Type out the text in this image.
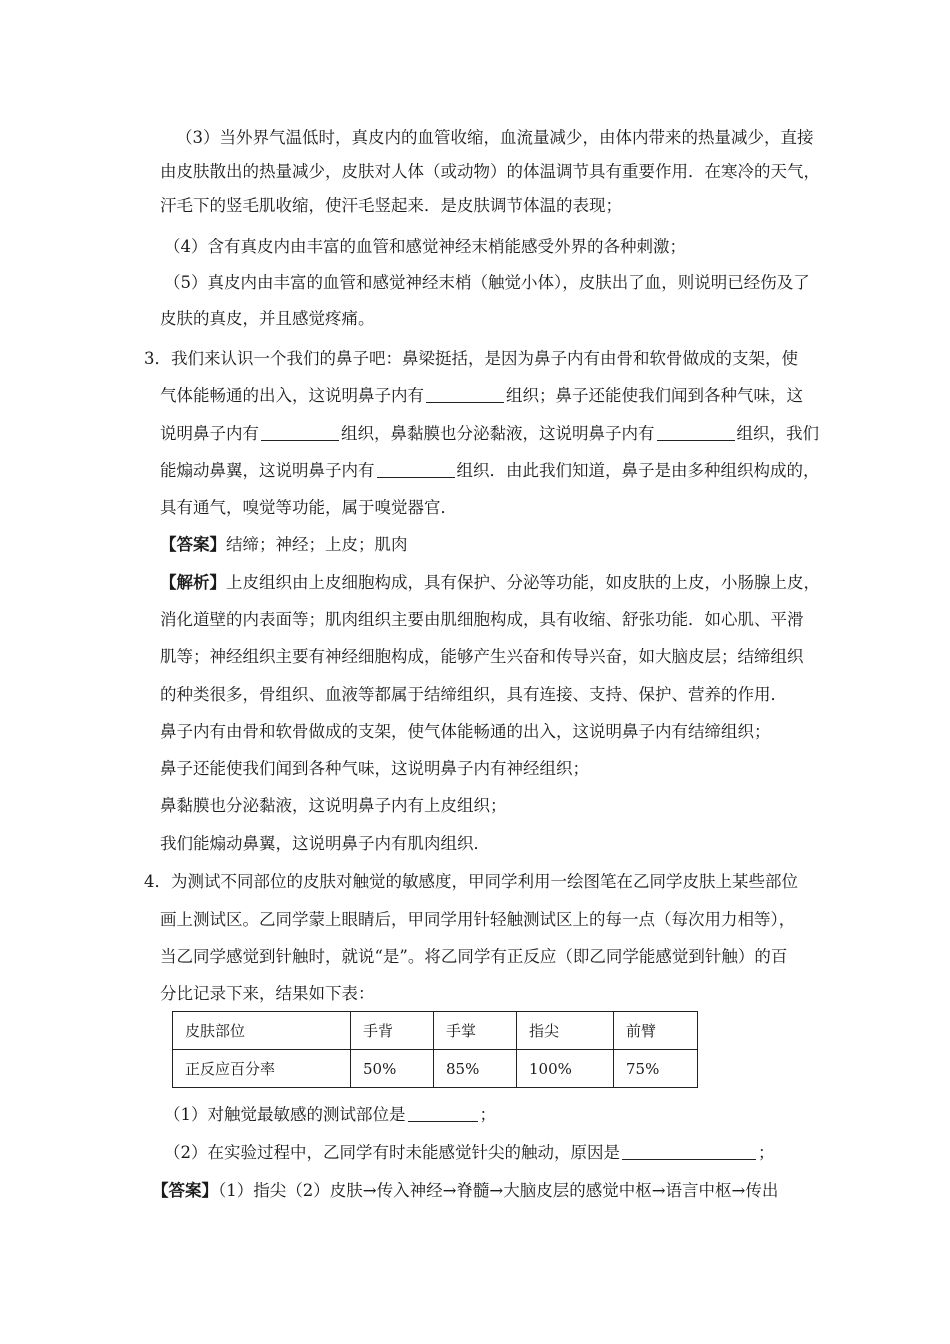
（3）当外界气温低时，真皮内的血管收缩，血流量减少，由体内带来的热量减少，直接
由皮肤散出的热量减少，皮肤对人体（或动物）的体温调节具有重要作用．在寒冷的天气，
汗毛下的竖毛肌收缩，使汗毛竖起来．是皮肤调节体温的表现；
（4）含有真皮内由丰富的血管和感觉神经末梢能感受外界的各种刺激；
（5）真皮内由丰富的血管和感觉神经末梢（触觉小体），皮肤出了血，则说明已经伤及了
皮肤的真皮，并且感觉疼痛。
3．我们来认识一个我们的鼻子吧：鼻梁挺括，是因为鼻子内有由骨和软骨做成的支架，使
气体能畅通的出入，这说明鼻子内有	组织；鼻子还能使我们闻到各种气味，这
说明鼻子内有	组织，鼻黏膜也分泌黏液，这说明鼻子内有	组织，我们
能煽动鼻翼，这说明鼻子内有	组织．由此我们知道，鼻子是由多种组织构成的，
具有通气，嗅觉等功能，属于嗅觉器官．
【答案】结缔；神经；上皮；肌肉
【解析】上皮组织由上皮细胞构成，具有保护、分泌等功能，如皮肤的上皮，小肠腺上皮，
消化道壁的内表面等；肌肉组织主要由肌细胞构成，具有收缩、舒张功能．如心肌、平滑
肌等；神经组织主要有神经细胞构成，能够产生兴奋和传导兴奋，如大脑皮层；结缔组织
的种类很多，骨组织、血液等都属于结缔组织，具有连接、支持、保护、营养的作用．
鼻子内有由骨和软骨做成的支架，使气体能畅通的出入，这说明鼻子内有结缔组织；
鼻子还能使我们闻到各种气味，这说明鼻子内有神经组织；
鼻黏膜也分泌黏液，这说明鼻子内有上皮组织；
我们能煽动鼻翼，这说明鼻子内有肌肉组织．
4．为测试不同部位的皮肤对触觉的敏感度，甲同学利用一绘图笔在乙同学皮肤上某些部位
画上测试区。乙同学蒙上眼睛后，甲同学用针轻触测试区上的每一点（每次用力相等），
当乙同学感觉到针触时，就说“是”。将乙同学有正反应（即乙同学能感觉到针触）的百
分比记录下来，结果如下表：
皮肤部位	手背	手掌	指尖	前臂
正反应百分率	50%	85%	100%	75%
（1）对触觉最敏感的测试部位是	；
（2）在实验过程中，乙同学有时未能感觉针尖的触动，原因是	；
【答案】（1）指尖（2）皮肤→传入神经→脊髓→大脑皮层的感觉中枢→语言中枢→传出
